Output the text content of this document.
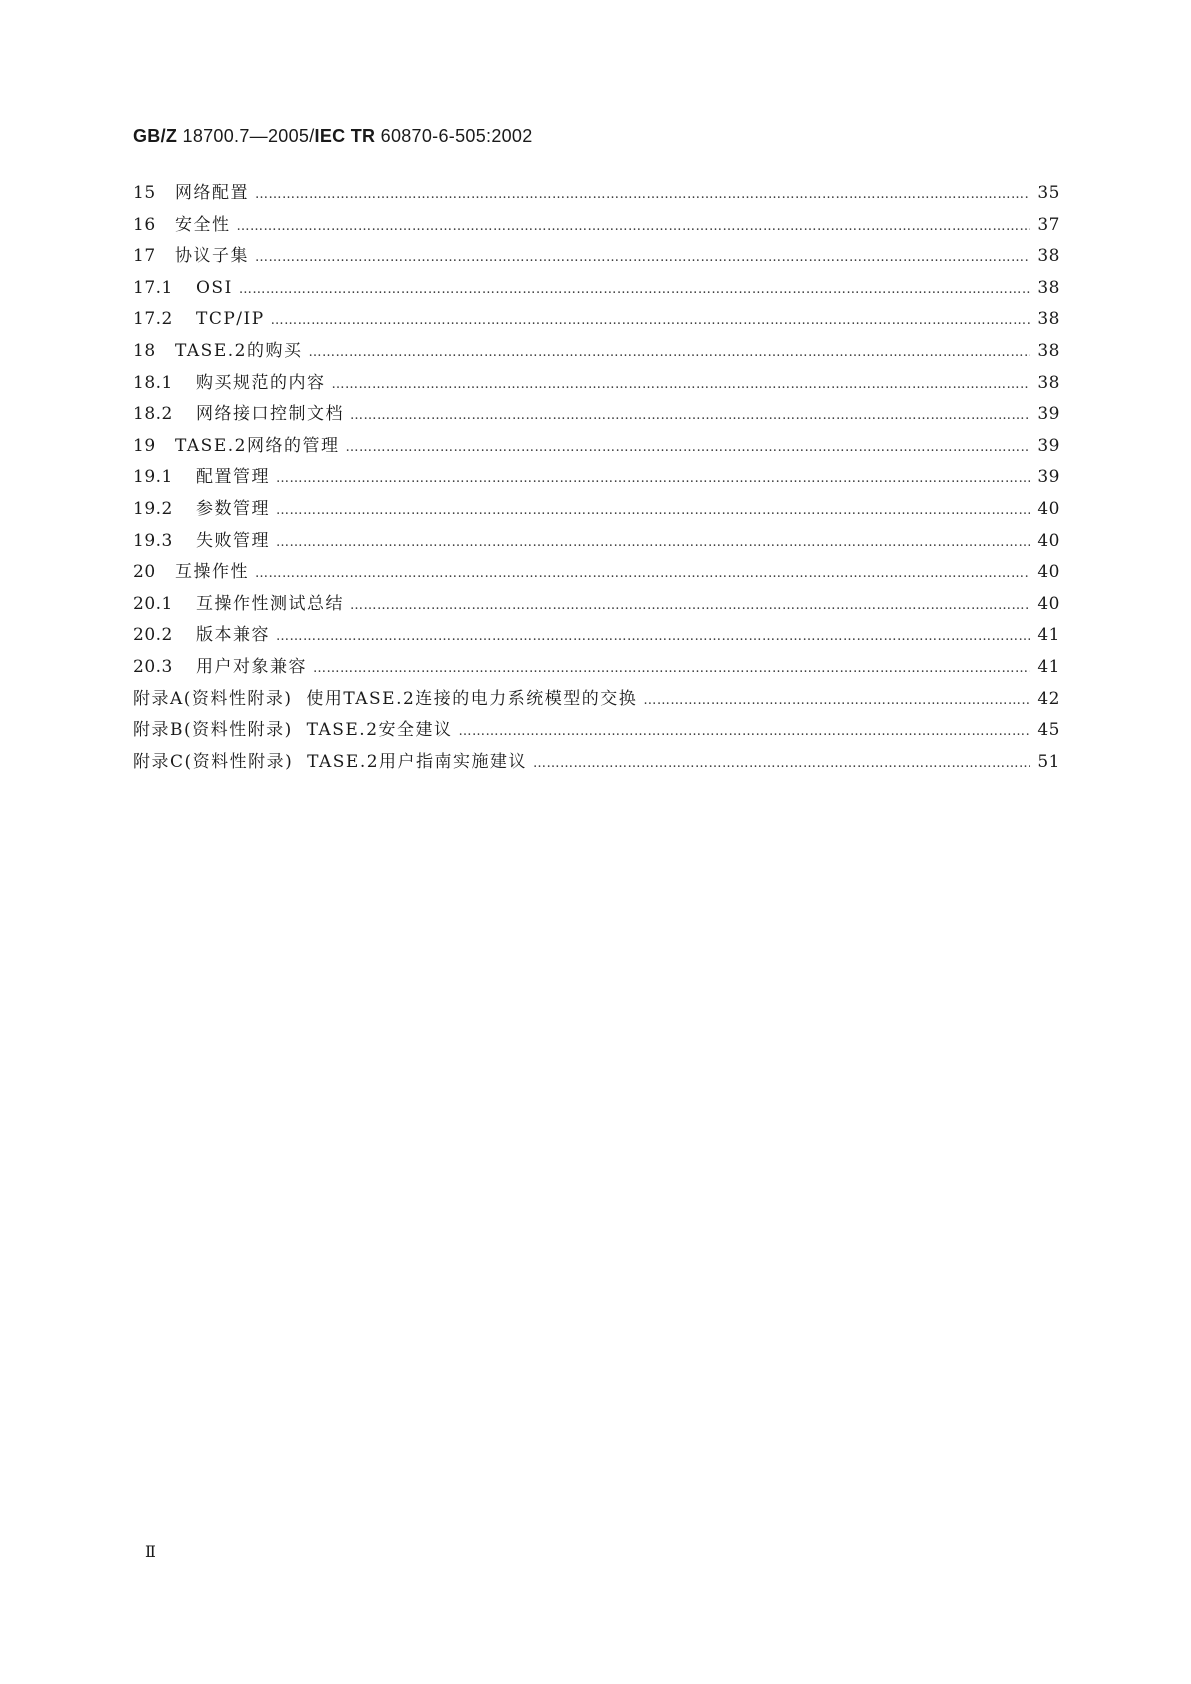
GB/Z 18700.7—2005/IEC TR 60870-6-505:2002
15	网络配置 ………………………………………………………………………………………………………………………………………………………………………………………………………………………………………………………	35
16	安全性 ………………………………………………………………………………………………………………………………………………………………………………………………………………………………………………………	37
17	协议子集 ………………………………………………………………………………………………………………………………………………………………………………………………………………………………………………………	38
17.1	OSI ………………………………………………………………………………………………………………………………………………………………………………………………………………………………………………………	38
17.2	TCP/IP ………………………………………………………………………………………………………………………………………………………………………………………………………………………………………………………	38
18	TASE.2的购买 ………………………………………………………………………………………………………………………………………………………………………………………………………………………………………………………	38
18.1	购买规范的内容 ………………………………………………………………………………………………………………………………………………………………………………………………………………………………………………………	38
18.2	网络接口控制文档 ………………………………………………………………………………………………………………………………………………………………………………………………………………………………………………………	39
19	TASE.2网络的管理 ………………………………………………………………………………………………………………………………………………………………………………………………………………………………………………………	39
19.1	配置管理 ………………………………………………………………………………………………………………………………………………………………………………………………………………………………………………………	39
19.2	参数管理 ………………………………………………………………………………………………………………………………………………………………………………………………………………………………………………………	40
19.3	失败管理 ………………………………………………………………………………………………………………………………………………………………………………………………………………………………………………………	40
20	互操作性 ………………………………………………………………………………………………………………………………………………………………………………………………………………………………………………………	40
20.1	互操作性测试总结 ………………………………………………………………………………………………………………………………………………………………………………………………………………………………………………………	40
20.2	版本兼容 ………………………………………………………………………………………………………………………………………………………………………………………………………………………………………………………	41
20.3	用户对象兼容 ………………………………………………………………………………………………………………………………………………………………………………………………………………………………………………………	41
附录A(资料性附录)  使用TASE.2连接的电力系统模型的交换 ………………………………………………………………………………………………………………………………………………………………………………………………………………………………………………………	42
附录B(资料性附录)  TASE.2安全建议 ………………………………………………………………………………………………………………………………………………………………………………………………………………………………………………………	45
附录C(资料性附录)  TASE.2用户指南实施建议 ………………………………………………………………………………………………………………………………………………………………………………………………………………………………………………………	51
Ⅱ
